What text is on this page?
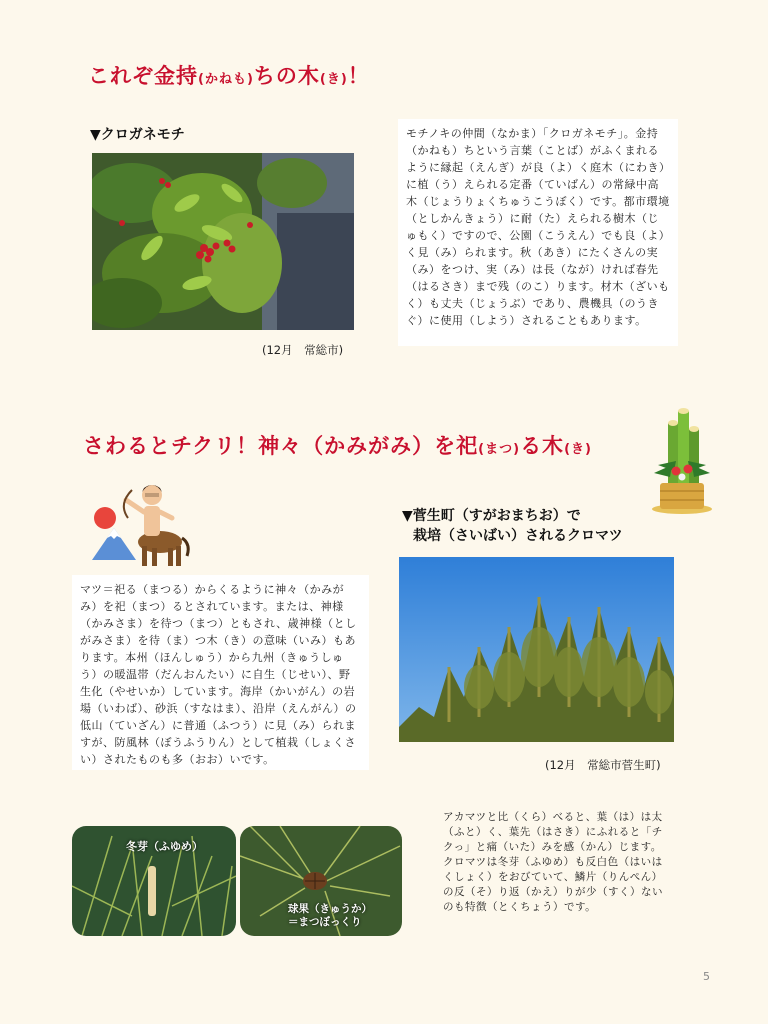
これぞ金持(かねも)ちの木(き)！
▼クロガネモチ
(12月　常総市)
モチノキの仲間（なかま）「クロガネモチ」。金持（かねも）ちという言葉（ことば）がふくまれるように縁起（えんぎ）が良（よ）く庭木（にわき）に植（う）えられる定番（ていばん）の常緑中高木（じょうりょくちゅうこうぼく）です。都市環境（としかんきょう）に耐（た）えられる樹木（じゅもく）ですので、公園（こうえん）でも良（よ）く見（み）られます。秋（あき）にたくさんの実（み）をつけ、実（み）は長（なが）ければ春先（はるさき）まで残（のこ）ります。材木（ざいもく）も丈夫（じょうぶ）であり、農機具（のうきぐ）に使用（しよう）されることもあります。
さわるとチクリ！神々（かみがみ）を祀(まつ)る木(き)
マツ＝祀る（まつる）からくるように神々（かみがみ）を祀（まつ）るとされています。または、神様（かみさま）を待つ（まつ）ともされ、歳神様（としがみさま）を待（ま）つ木（き）の意味（いみ）もあります。本州（ほんしゅう）から九州（きゅうしゅう）の暖温帯（だんおんたい）に自生（じせい）、野生化（やせいか）しています。海岸（かいがん）の岩場（いわば）、砂浜（すなはま）、沿岸（えんがん）の低山（ていざん）に普通（ふつう）に見（み）られますが、防風林（ぼうふうりん）として植栽（しょくさい）されたものも多（おお）いです。
▼菅生町（すがおまちお）で
栽培（さいばい）されるクロマツ
(12月　常総市菅生町)
アカマツと比（くら）べると、葉（は）は太（ふと）く、葉先（はさき）にふれると「チクっ」と痛（いた）みを感（かん）じます。クロマツは冬芽（ふゆめ）も反白色（はいはくしょく）をおびていて、鱗片（りんぺん）の反（そ）り返（かえ）りが少（すく）ないのも特徴（とくちょう）です。
冬芽（ふゆめ）
球果（きゅうか）
＝まつぼっくり
5
